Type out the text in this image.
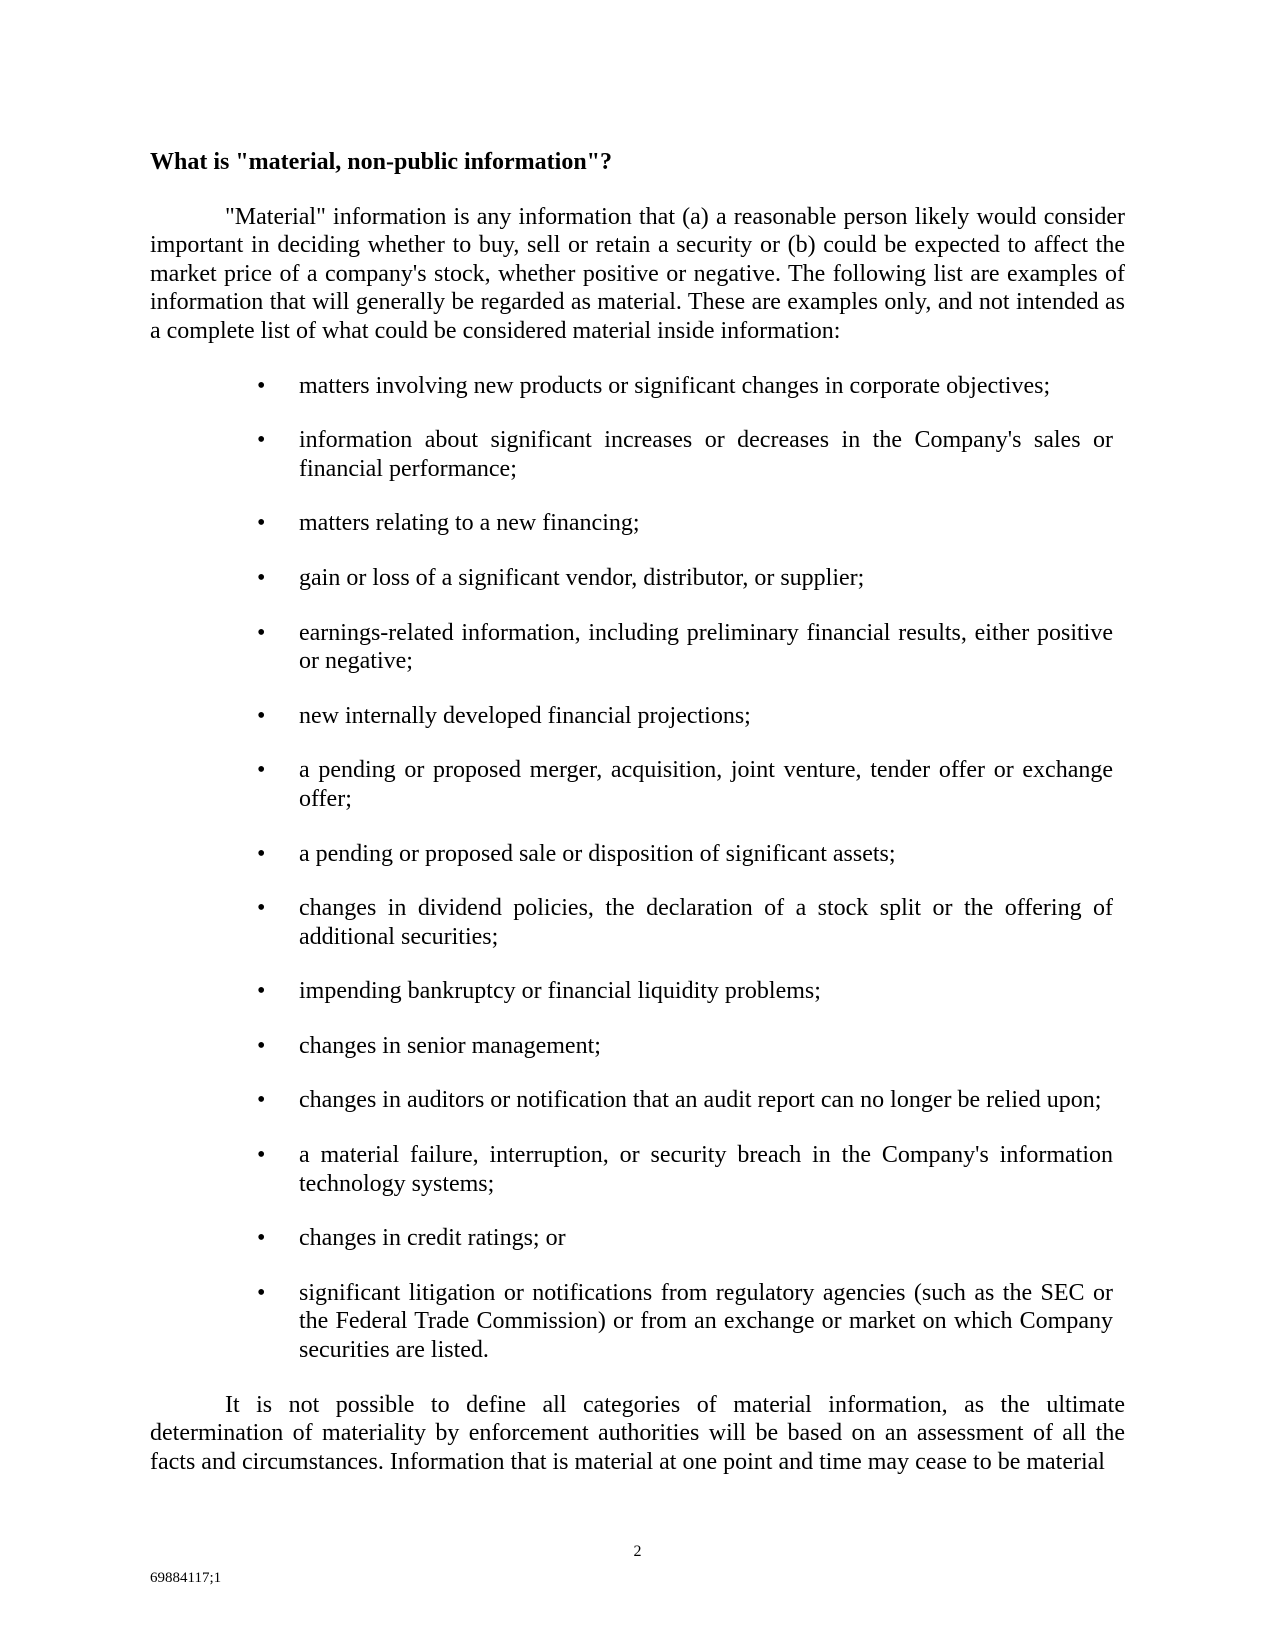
What is "material, non-public information"?

"Material" information is any information that (a) a reasonable person likely would consider important in deciding whether to buy, sell or retain a security or (b) could be expected to affect the market price of a company's stock, whether positive or negative. The following list are examples of information that will generally be regarded as material. These are examples only, and not intended as a complete list of what could be considered material inside information:

• matters involving new products or significant changes in corporate objectives;
• information about significant increases or decreases in the Company's sales or financial performance;
• matters relating to a new financing;
• gain or loss of a significant vendor, distributor, or supplier;
• earnings-related information, including preliminary financial results, either positive or negative;
• new internally developed financial projections;
• a pending or proposed merger, acquisition, joint venture, tender offer or exchange offer;
• a pending or proposed sale or disposition of significant assets;
• changes in dividend policies, the declaration of a stock split or the offering of additional securities;
• impending bankruptcy or financial liquidity problems;
• changes in senior management;
• changes in auditors or notification that an audit report can no longer be relied upon;
• a material failure, interruption, or security breach in the Company's information technology systems;
• changes in credit ratings; or
• significant litigation or notifications from regulatory agencies (such as the SEC or the Federal Trade Commission) or from an exchange or market on which Company securities are listed.

It is not possible to define all categories of material information, as the ultimate determination of materiality by enforcement authorities will be based on an assessment of all the facts and circumstances. Information that is material at one point and time may cease to be material

2
69884117;1
